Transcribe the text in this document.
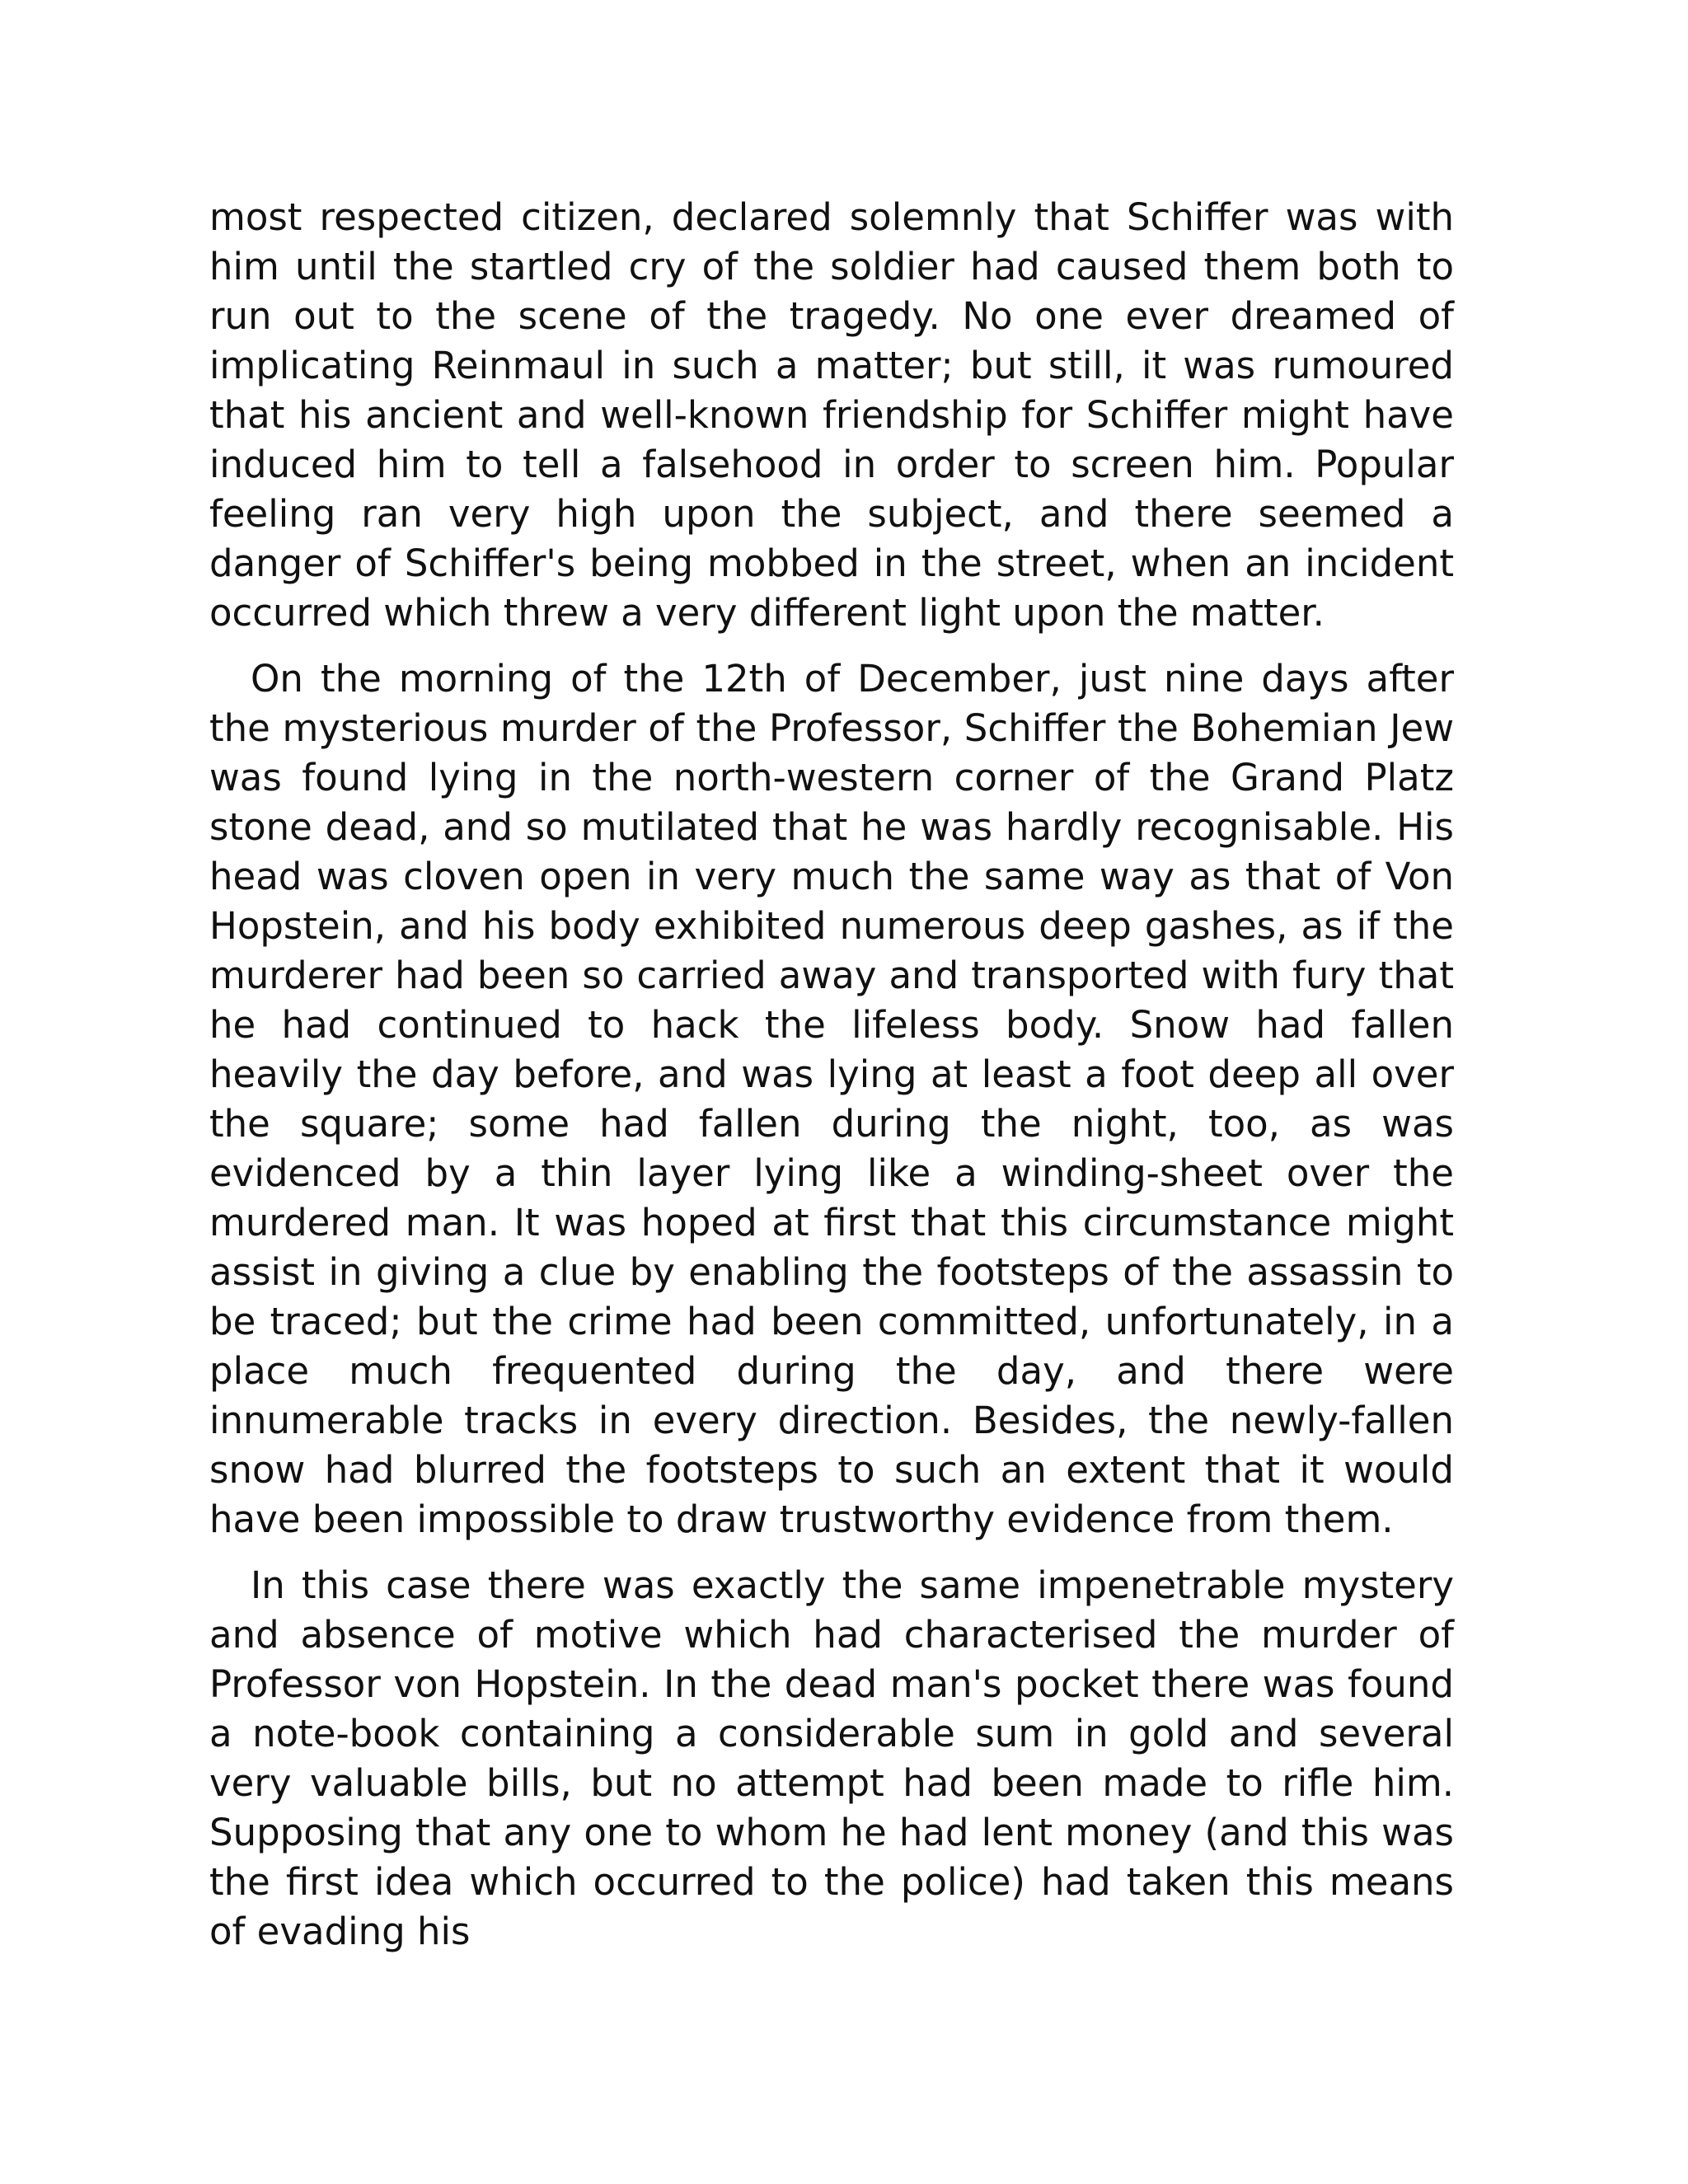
most respected citizen, declared solemnly that Schiffer was with him until the startled cry of the soldier had caused them both to run out to the scene of the tragedy. No one ever dreamed of implicating Reinmaul in such a matter; but still, it was rumoured that his ancient and well-known friendship for Schiffer might have induced him to tell a falsehood in order to screen him. Popular feeling ran very high upon the subject, and there seemed a danger of Schiffer's being mobbed in the street, when an incident occurred which threw a very different light upon the matter.

On the morning of the 12th of December, just nine days after the mysterious murder of the Professor, Schiffer the Bohemian Jew was found lying in the north-western corner of the Grand Platz stone dead, and so mutilated that he was hardly recognisable. His head was cloven open in very much the same way as that of Von Hopstein, and his body exhibited numerous deep gashes, as if the murderer had been so carried away and transported with fury that he had continued to hack the lifeless body. Snow had fallen heavily the day before, and was lying at least a foot deep all over the square; some had fallen during the night, too, as was evidenced by a thin layer lying like a winding-sheet over the murdered man. It was hoped at first that this circumstance might assist in giving a clue by enabling the footsteps of the assassin to be traced; but the crime had been committed, unfortunately, in a place much frequented during the day, and there were innumerable tracks in every direction. Besides, the newly-fallen snow had blurred the footsteps to such an extent that it would have been impossible to draw trustworthy evidence from them.

In this case there was exactly the same impenetrable mystery and absence of motive which had characterised the murder of Professor von Hopstein. In the dead man's pocket there was found a note-book containing a considerable sum in gold and several very valuable bills, but no attempt had been made to rifle him. Supposing that any one to whom he had lent money (and this was the first idea which occurred to the police) had taken this means of evading his
